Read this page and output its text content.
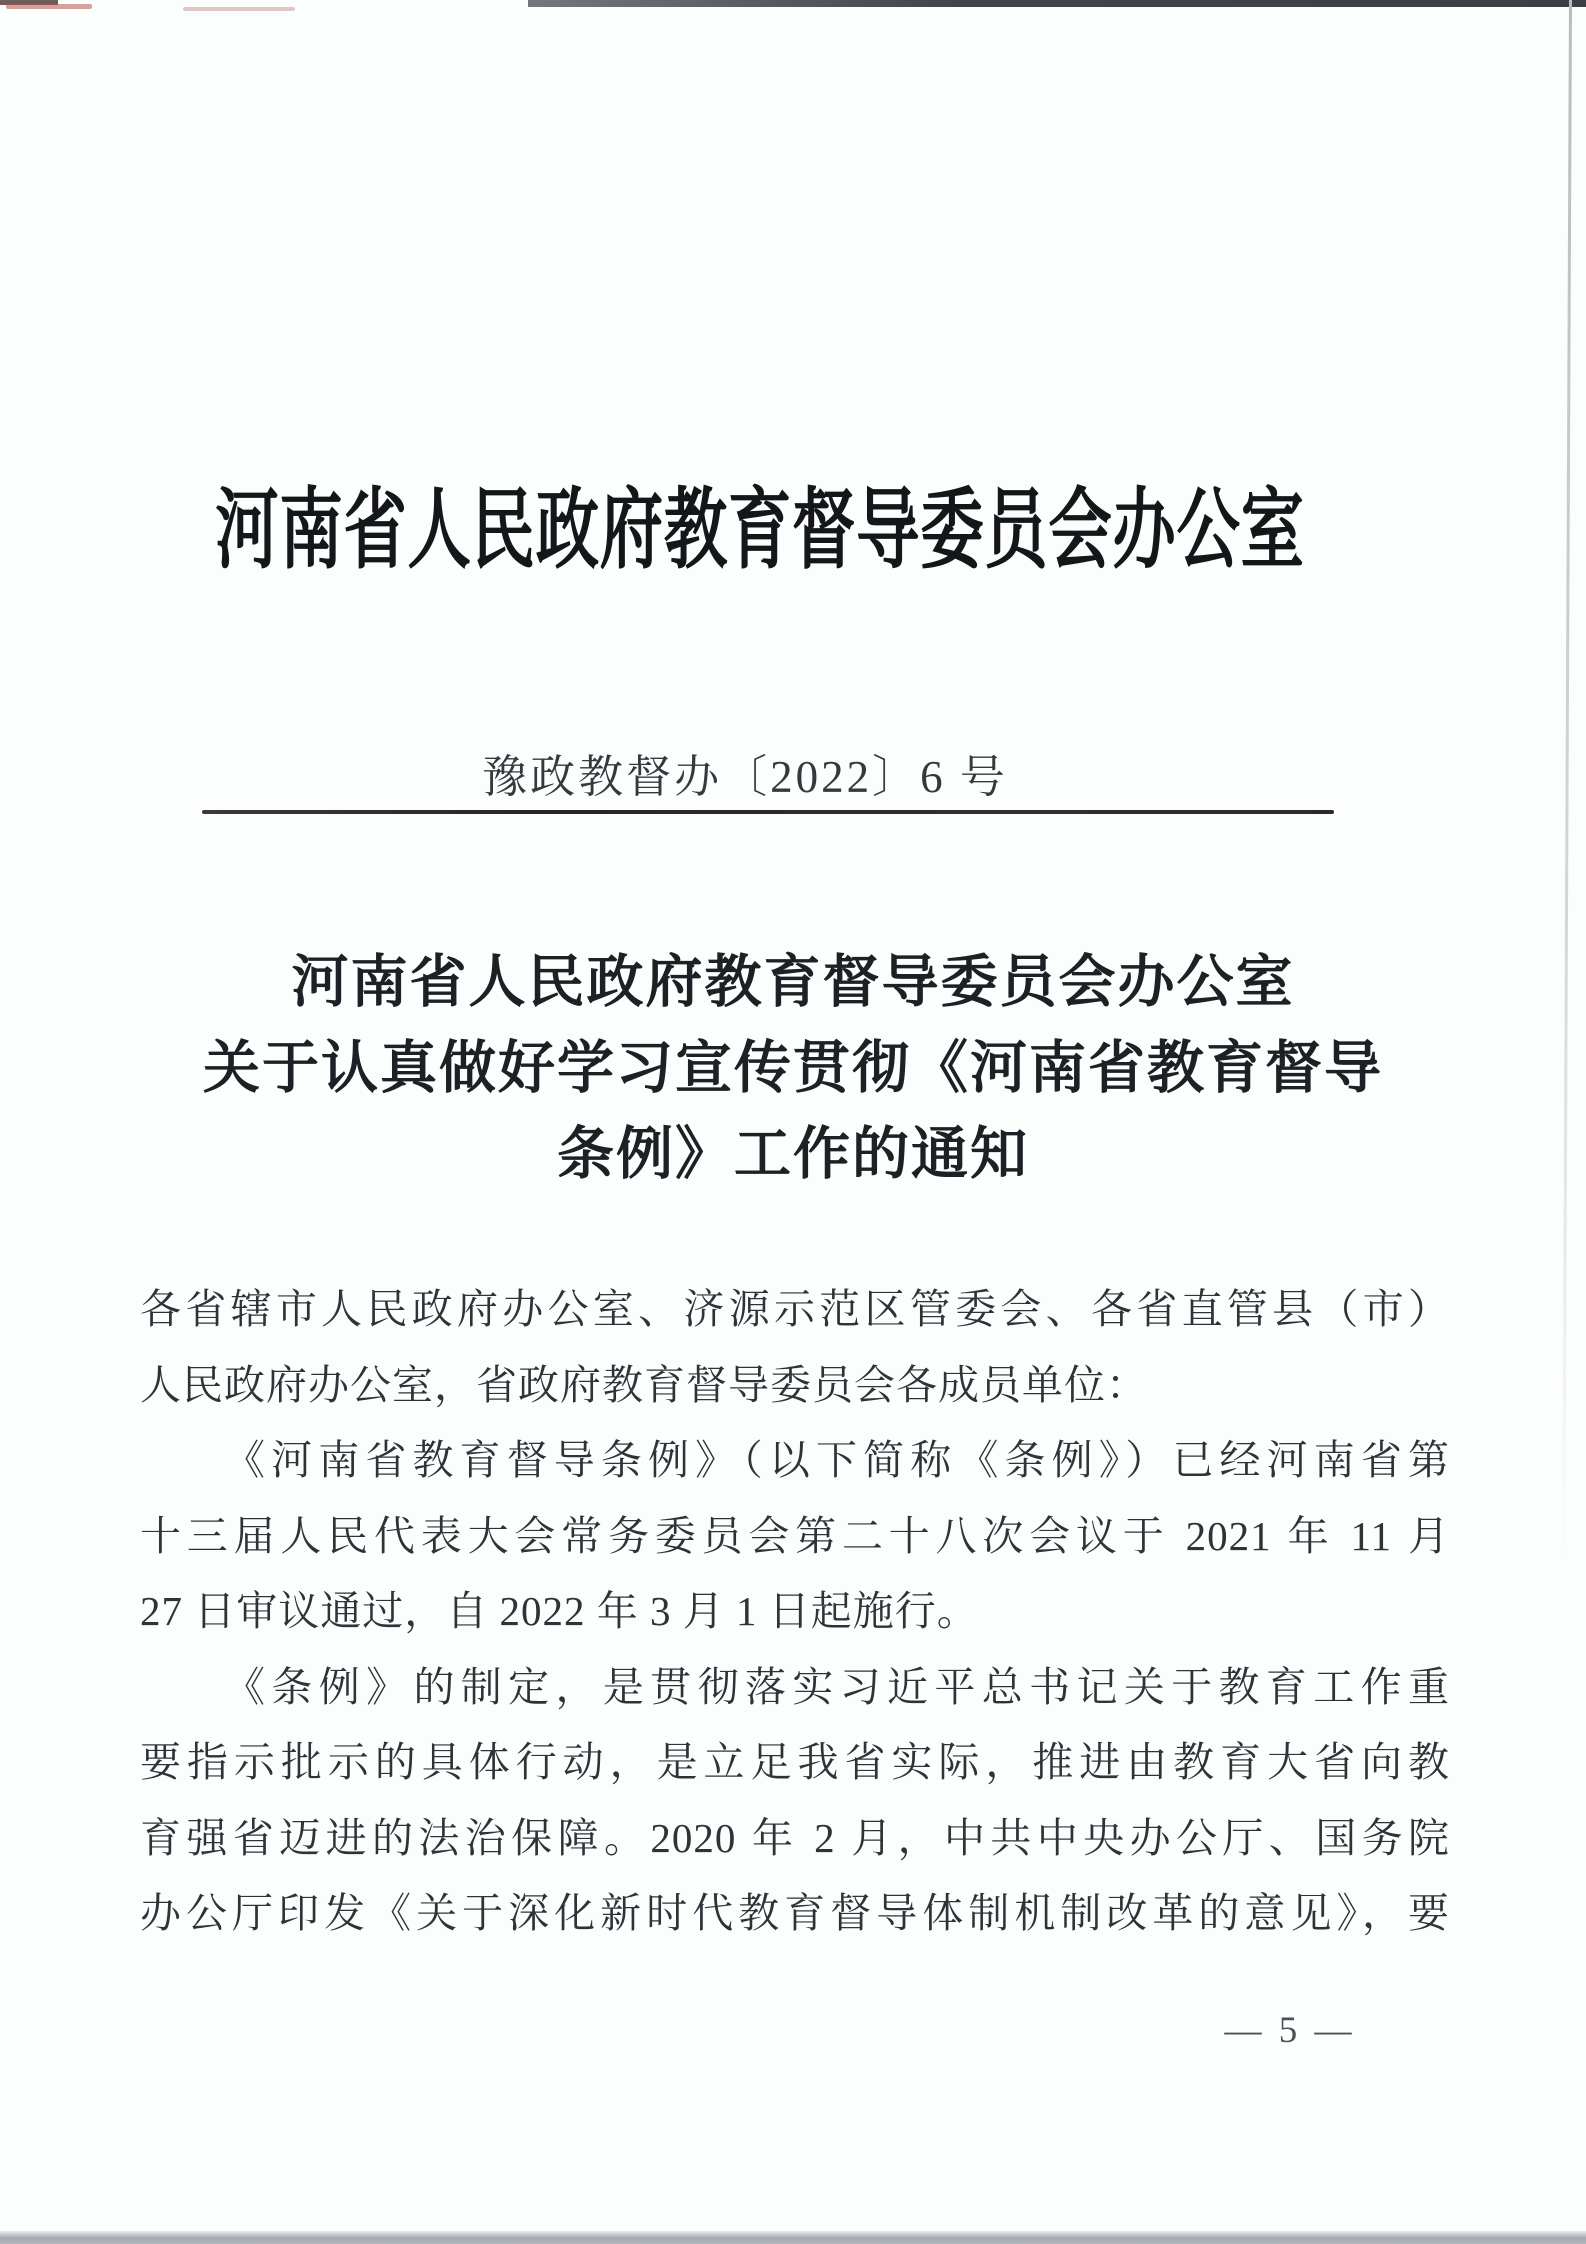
河南省人民政府教育督导委员会办公室
豫政教督办〔2022〕6 号
河南省人民政府教育督导委员会办公室
关于认真做好学习宣传贯彻《河南省教育督导
条例》工作的通知
各省辖市人民政府办公室、济源示范区管委会、各省直管县（市）
人民政府办公室，省政府教育督导委员会各成员单位：
《河南省教育督导条例》（以下简称《条例》）已经河南省第
十三届人民代表大会常务委员会第二十八次会议于 2021 年 11 月
27 日审议通过，自 2022 年 3 月 1 日起施行。
《条例》的制定，是贯彻落实习近平总书记关于教育工作重
要指示批示的具体行动，是立足我省实际，推进由教育大省向教
育强省迈进的法治保障。2020 年 2 月，中共中央办公厅、国务院
办公厅印发《关于深化新时代教育督导体制机制改革的意见》，要
— 5 —
